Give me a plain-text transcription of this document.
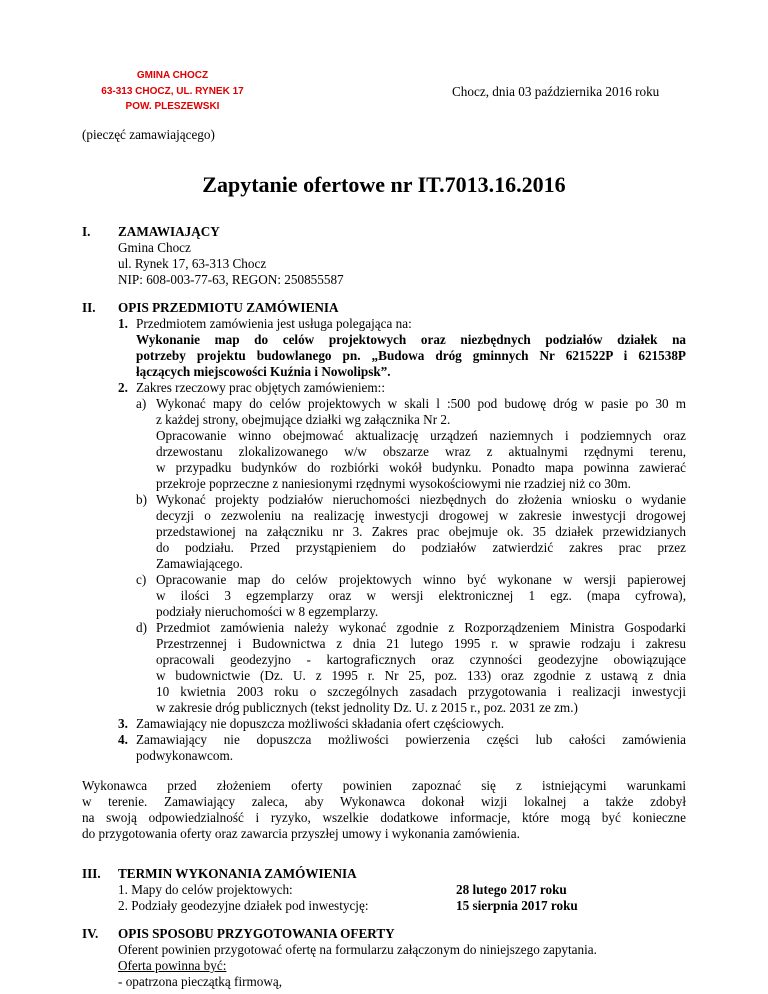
GMINA CHOCZ
63-313 CHOCZ, UL. RYNEK 17
POW. PLESZEWSKI
Chocz, dnia 03 października 2016 roku
(pieczęć zamawiającego)
Zapytanie ofertowe nr IT.7013.16.2016
I. ZAMAWIAJĄCY
Gmina Chocz
ul. Rynek 17, 63-313 Chocz
NIP: 608-003-77-63, REGON: 250855587
II. OPIS PRZEDMIOTU ZAMÓWIENIA
1. Przedmiotem zamówienia jest usługa polegająca na:
Wykonanie map do celów projektowych oraz niezbędnych podziałów działek na
potrzeby projektu budowlanego pn. „Budowa dróg gminnych Nr 621522P i 621538P
łączących miejscowości Kuźnia i Nowolipsk”.
2. Zakres rzeczowy prac objętych zamówieniem::
a) Wykonać mapy do celów projektowych w skali l :500 pod budowę dróg w pasie po 30 m
z każdej strony, obejmujące działki wg załącznika Nr 2.
Opracowanie winno obejmować aktualizację urządzeń naziemnych i podziemnych oraz
drzewostanu zlokalizowanego w/w obszarze wraz z aktualnymi rzędnymi terenu,
w przypadku budynków do rozbiórki wokół budynku. Ponadto mapa powinna zawierać
przekroje poprzeczne z naniesionymi rzędnymi wysokościowymi nie rzadziej niż co 30m.
b) Wykonać projekty podziałów nieruchomości niezbędnych do złożenia wniosku o wydanie
decyzji o zezwoleniu na realizację inwestycji drogowej w zakresie inwestycji drogowej
przedstawionej na załączniku nr 3. Zakres prac obejmuje ok. 35 działek przewidzianych
do podziału. Przed przystąpieniem do podziałów zatwierdzić zakres prac przez
Zamawiającego.
c) Opracowanie map do celów projektowych winno być wykonane w wersji papierowej
w ilości 3 egzemplarzy oraz w wersji elektronicznej 1 egz. (mapa cyfrowa),
podziały nieruchomości w 8 egzemplarzy.
d) Przedmiot zamówienia należy wykonać zgodnie z Rozporządzeniem Ministra Gospodarki
Przestrzennej i Budownictwa z dnia 21 lutego 1995 r. w sprawie rodzaju i zakresu
opracowali geodezyjno - kartograficznych oraz czynności geodezyjne obowiązujące
w budownictwie (Dz. U. z 1995 r. Nr 25, poz. 133) oraz zgodnie z ustawą z dnia
10 kwietnia 2003 roku o szczególnych zasadach przygotowania i realizacji inwestycji
w zakresie dróg publicznych (tekst jednolity Dz. U. z 2015 r., poz. 2031 ze zm.)
3. Zamawiający nie dopuszcza możliwości składania ofert częściowych.
4. Zamawiający nie dopuszcza możliwości powierzenia części lub całości zamówienia
podwykonawcom.
Wykonawca przed złożeniem oferty powinien zapoznać się z istniejącymi warunkami
w terenie. Zamawiający zaleca, aby Wykonawca dokonał wizji lokalnej a także zdobył
na swoją odpowiedzialność i ryzyko, wszelkie dodatkowe informacje, które mogą być konieczne
do przygotowania oferty oraz zawarcia przyszłej umowy i wykonania zamówienia.
III. TERMIN WYKONANIA ZAMÓWIENIA
1. Mapy do celów projektowych:	28 lutego 2017 roku
2. Podziały geodezyjne działek pod inwestycję:	15 sierpnia 2017 roku
IV. OPIS SPOSOBU PRZYGOTOWANIA OFERTY
Oferent powinien przygotować ofertę na formularzu załączonym do niniejszego zapytania.
Oferta powinna być:
- opatrzona pieczątką firmową,
